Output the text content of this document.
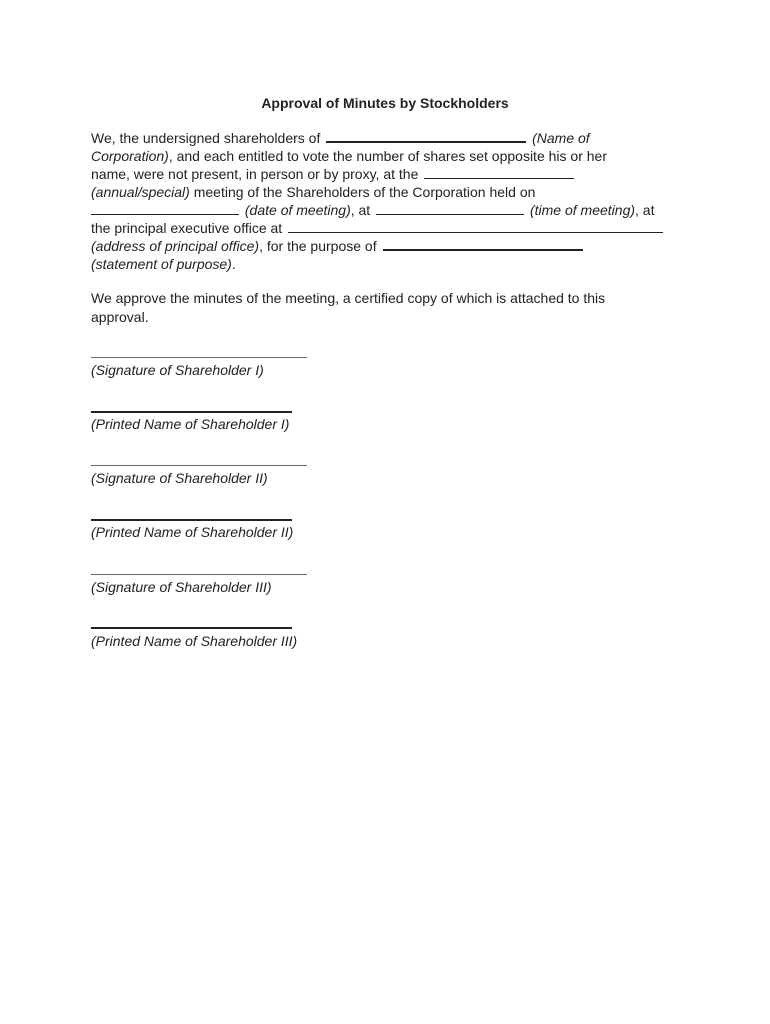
Approval of Minutes by Stockholders
We, the undersigned shareholders of	(Name of
Corporation), and each entitled to vote the number of shares set opposite his or her
name, were not present, in person or by proxy, at the
(annual/special) meeting of the Shareholders of the Corporation held on
(date of meeting), at	(time of meeting), at
the principal executive office at
(address of principal office), for the purpose of
(statement of purpose).
We approve the minutes of the meeting, a certified copy of which is attached to this
approval.
(Signature of Shareholder I)
(Printed Name of Shareholder I)
(Signature of Shareholder II)
(Printed Name of Shareholder II)
(Signature of Shareholder III)
(Printed Name of Shareholder III)
